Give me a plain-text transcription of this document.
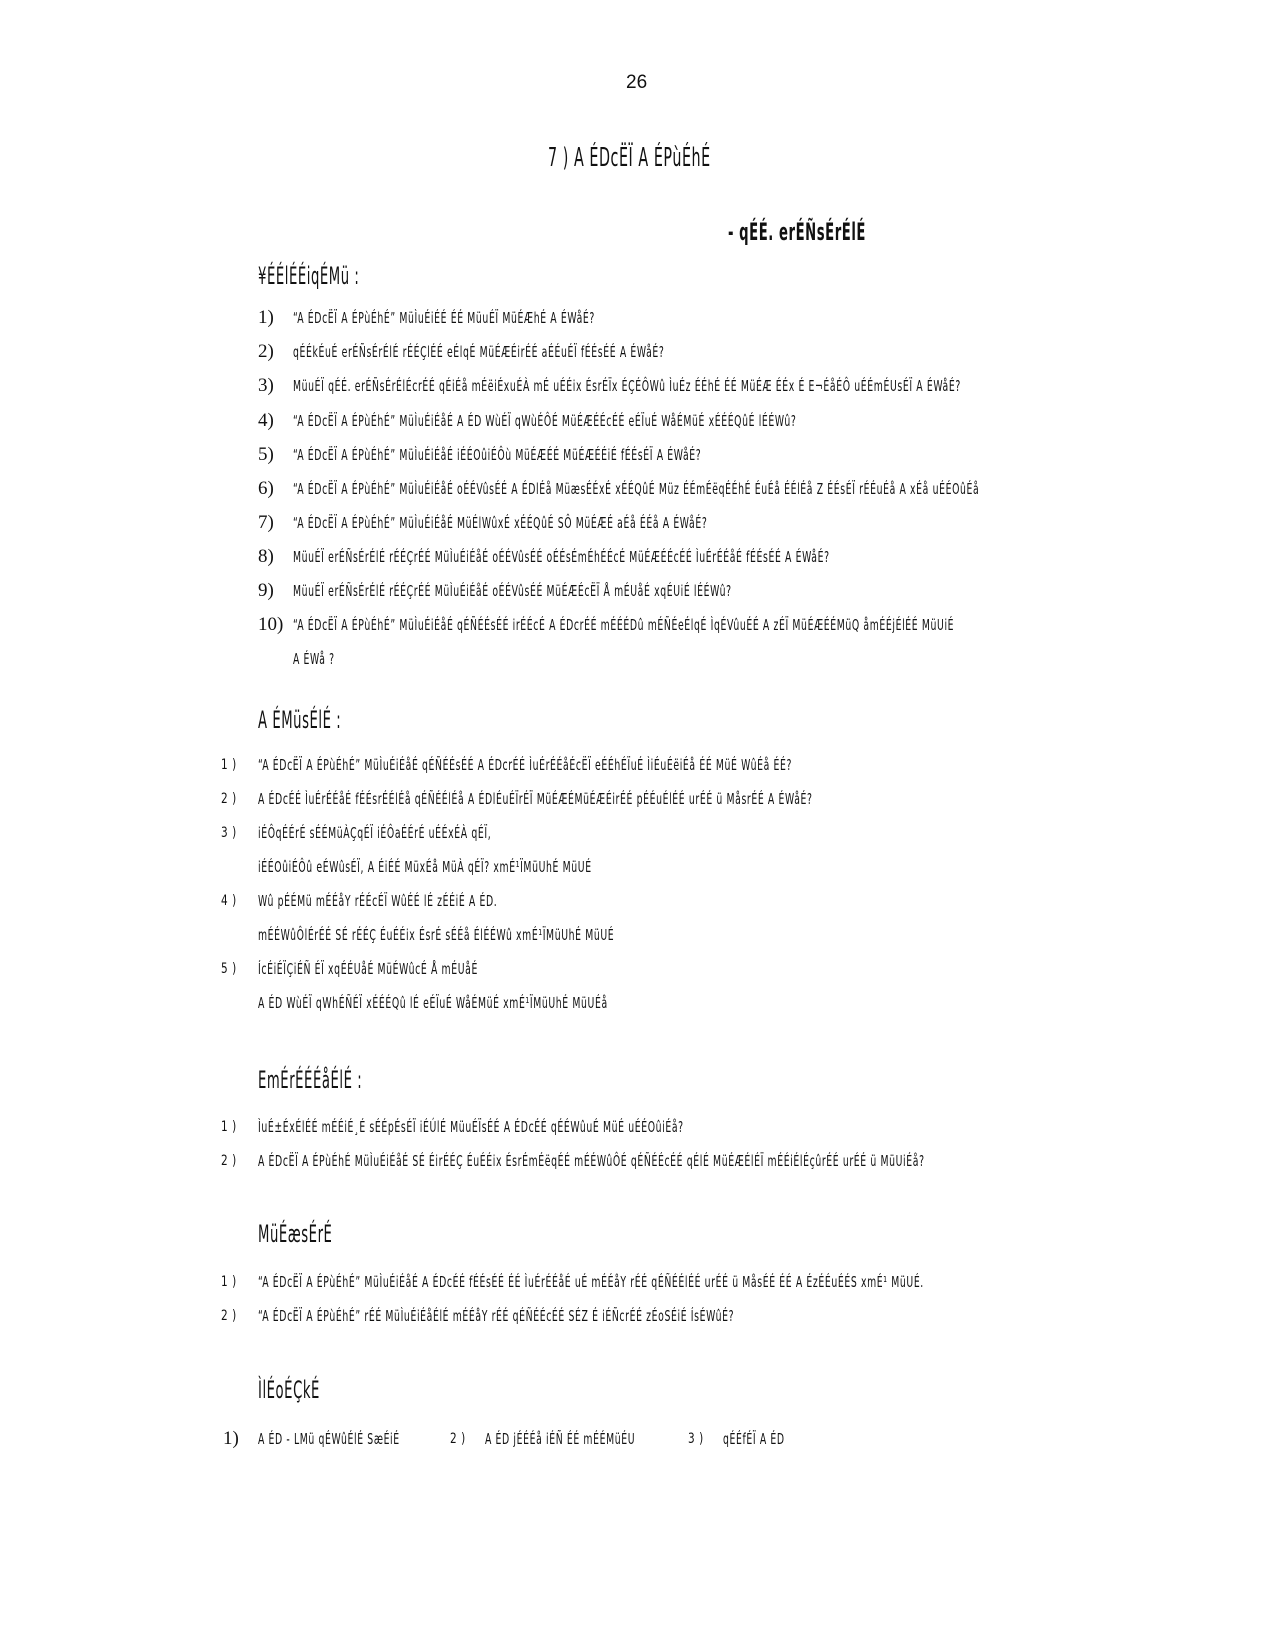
26
7 ) A ÉDcËÏ A ÉPùÉhÉ
- qÉÉ. erÉÑsÉrÉlÉ
¥ÉÉlÉÉiqÉMü :
1) “A ÉDcËÏ A ÉPùÉhÉ” MüÌuÉiÉÉ ÉÉ MüuÉÏ MüÉÆhÉ A ÉWåÉ?
2) qÉÉkÉuÉ erÉÑsÉrÉlÉ rÉÉÇlÉÉ eÉlqÉ MüÉÆÉirÉÉ aÉÉuÉÏ fÉÉsÉÉ A ÉWåÉ?
3) MüuÉÏ qÉÉ. erÉÑsÉrÉlÉcrÉÉ qÉiÉå mÉëiÉxuÉÀ mÉ uÉÉix ÉsrÉÏx ÉÇÉÔWû ÌuÉz ÉÉhÉ ÉÉ MüÉÆ ÉÉx É E¬ÉåÉÔ uÉÉmÉUsÉÏ A ÉWåÉ?
4) “A ÉDcËÏ A ÉPùÉhÉ” MüÌuÉiÉåÉ A ÉD WùÉÏ qWùÉÔÉ MüÉÆÉÉcÉÉ eÉÏuÉ WåÉMüÉ xÉÉÉQûÉ lÉÉWû?
5) “A ÉDcËÏ A ÉPùÉhÉ” MüÌuÉiÉåÉ iÉÉOûiÉÔù MüÉÆÉÉ MüÉÆÉÉiÉ fÉÉsÉÏ A ÉWåÉ?
6) “A ÉDcËÏ A ÉPùÉhÉ” MüÌuÉiÉåÉ oÉÉVûsÉÉ A ÉDlÉå MüæsÉÉxÉ xÉÉQûÉ Müz ÉÉmÉëqÉÉhÉ ÉuÉå ÉÉlÉå Z ÉÉsÉÏ rÉÉuÉå A xÉå uÉÉOûÉå
7) “A ÉDcËÏ A ÉPùÉhÉ” MüÌuÉiÉåÉ MüÉlWûxÉ xÉÉQûÉ SÔ MüÉÆÉ aÉå ÉÉå A ÉWåÉ?
8) MüuÉÏ erÉÑsÉrÉlÉ rÉÉÇrÉÉ MüÌuÉiÉåÉ oÉÉVûsÉÉ oÉÉsÉmÉhÉÉcÉ MüÉÆÉÉcÉÉ ÌuÉrÉÉåÉ fÉÉsÉÉ A ÉWåÉ?
9) MüuÉÏ erÉÑsÉrÉlÉ rÉÉÇrÉÉ MüÌuÉiÉåÉ oÉÉVûsÉÉ MüÉÆÉcËÏ Å mÉUåÉ xqÉUiÉ lÉÉWû?
10) “A ÉDcËÏ A ÉPùÉhÉ” MüÌuÉiÉåÉ qÉÑÉÉsÉÉ irÉÉcÉ A ÉDcrÉÉ mÉÉÉDû mÉÑÉeÉlqÉ ÌqÉVûuÉÉ A zÉÏ MüÉÆÉÉMüQ åmÉÉjÉlÉÉ MüUiÉ
A ÉWå ?
A ÉMüsÉlÉ :
1) “A ÉDcËÏ A ÉPùÉhÉ” MüÌuÉiÉåÉ qÉÑÉÉsÉÉ A ÉDcrÉÉ ÌuÉrÉÉåÉcËÏ eÉÉhÉÏuÉ ÌiÉuÉëiÉå ÉÉ MüÉ WûÉå ÉÉ?
2) A ÉDcÉÉ ÌuÉrÉÉåÉ fÉÉsrÉÉlÉå qÉÑÉÉlÉå A ÉDlÉuÉÏrÉÏ MüÉÆÉMüÉÆÉirÉÉ pÉÉuÉlÉÉ urÉÉ ü MåsrÉÉ A ÉWåÉ?
3) iÉÔqÉÉrÉ sÉÉMüÀÇqÉÏ iÉÔaÉÉrÉ uÉÉxÉÀ qÉÏ,
iÉÉOûiÉÔû eÉWûsÉÏ, A ÉiÉÉ MüxÉå MüÀ qÉÏ? xmÉ¹ÏMüUhÉ MüUÉ
4) Wû pÉÉMü mÉÉåY rÉÉcÉÏ WûÉÉ lÉ zÉÉiÉ A ÉD.
mÉÉWûÔlÉrÉÉ SÉ rÉÉÇ ÉuÉÉix ÉsrÉ sÉÉå ÉlÉÉWû xmÉ¹ÏMüUhÉ MüUÉ
5) ÍcÉiÉÏÇiÉÑ ÉÏ xqÉÉUåÉ MüÉWûcÉ Å mÉUåÉ
A ÉD WùÉÏ qWhÉÑÉÏ xÉÉÉQû lÉ eÉÏuÉ WåÉMüÉ xmÉ¹ÏMüUhÉ MüUÉå
EmÉrÉÉÉåÉlÉ :
1) ÌuÉ±ÉxÉlÉÉ mÉÉiÉ¸É sÉÉpÉsÉÏ iÉÚlÉ MüuÉÏsÉÉ A ÉDcÉÉ qÉÉWûuÉ MüÉ uÉÉOûiÉå?
2) A ÉDcËÏ A ÉPùÉhÉ MüÌuÉiÉåÉ SÉ ÉirÉÉÇ ÉuÉÉix ÉsrÉmÉëqÉÉ mÉÉWûÔÉ qÉÑÉÉcÉÉ qÉlÉ MüÉÆÉlÉÏ mÉÉiÉlÉçûrÉÉ urÉÉ ü MüUiÉå?
MüÉæsÉrÉ
1) “A ÉDcËÏ A ÉPùÉhÉ” MüÌuÉiÉåÉ A ÉDcÉÉ fÉÉsÉÉ ÉÉ ÌuÉrÉÉåÉ uÉ mÉÉåY rÉÉ qÉÑÉÉlÉÉ urÉÉ ü MåsÉÉ ÉÉ A ÉzÉÉuÉÉS xmÉ¹ MüUÉ.
2) “A ÉDcËÏ A ÉPùÉhÉ” rÉÉ MüÌuÉiÉåÉlÉ mÉÉåY rÉÉ qÉÑÉÉcÉÉ SÉZ É iÉÑcrÉÉ zÉoSÉiÉ ÍsÉWûÉ?
ÌlÉoÉÇkÉ
1) A ÉD - LMü qÉWûÉlÉ SæÉiÉ	2) A ÉD jÉÉÉå iÉÑ ÉÉ mÉÉMüÉU	3) qÉÉfÉÏ A ÉD
